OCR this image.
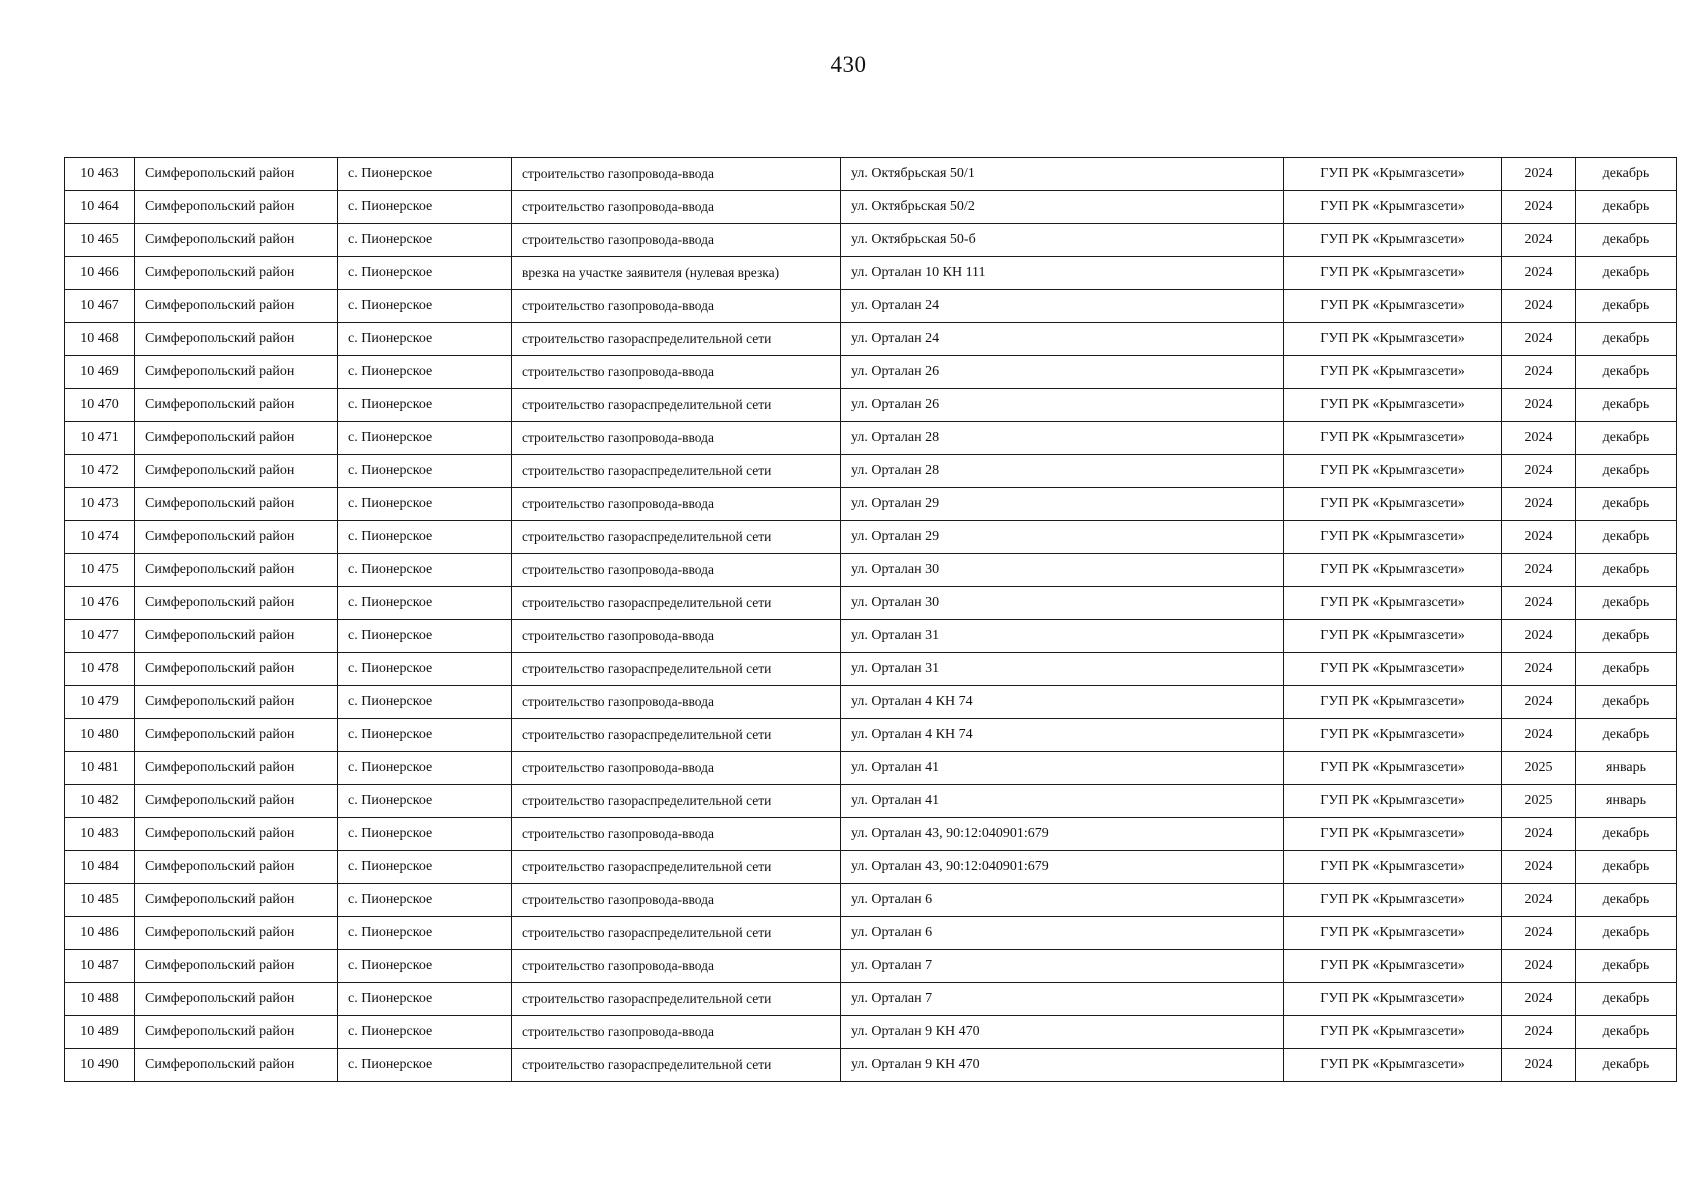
430
10 463	Симферопольский район	с. Пионерское	строительство газопровода-ввода	ул. Октябрьская 50/1	ГУП РК «Крымгазсети»	2024	декабрь
10 464	Симферопольский район	с. Пионерское	строительство газопровода-ввода	ул. Октябрьская 50/2	ГУП РК «Крымгазсети»	2024	декабрь
10 465	Симферопольский район	с. Пионерское	строительство газопровода-ввода	ул. Октябрьская 50-б	ГУП РК «Крымгазсети»	2024	декабрь
10 466	Симферопольский район	с. Пионерское	врезка на участке заявителя (нулевая врезка)	ул. Орталан 10 КН 111	ГУП РК «Крымгазсети»	2024	декабрь
10 467	Симферопольский район	с. Пионерское	строительство газопровода-ввода	ул. Орталан 24	ГУП РК «Крымгазсети»	2024	декабрь
10 468	Симферопольский район	с. Пионерское	строительство газораспределительной сети	ул. Орталан 24	ГУП РК «Крымгазсети»	2024	декабрь
10 469	Симферопольский район	с. Пионерское	строительство газопровода-ввода	ул. Орталан 26	ГУП РК «Крымгазсети»	2024	декабрь
10 470	Симферопольский район	с. Пионерское	строительство газораспределительной сети	ул. Орталан 26	ГУП РК «Крымгазсети»	2024	декабрь
10 471	Симферопольский район	с. Пионерское	строительство газопровода-ввода	ул. Орталан 28	ГУП РК «Крымгазсети»	2024	декабрь
10 472	Симферопольский район	с. Пионерское	строительство газораспределительной сети	ул. Орталан 28	ГУП РК «Крымгазсети»	2024	декабрь
10 473	Симферопольский район	с. Пионерское	строительство газопровода-ввода	ул. Орталан 29	ГУП РК «Крымгазсети»	2024	декабрь
10 474	Симферопольский район	с. Пионерское	строительство газораспределительной сети	ул. Орталан 29	ГУП РК «Крымгазсети»	2024	декабрь
10 475	Симферопольский район	с. Пионерское	строительство газопровода-ввода	ул. Орталан 30	ГУП РК «Крымгазсети»	2024	декабрь
10 476	Симферопольский район	с. Пионерское	строительство газораспределительной сети	ул. Орталан 30	ГУП РК «Крымгазсети»	2024	декабрь
10 477	Симферопольский район	с. Пионерское	строительство газопровода-ввода	ул. Орталан 31	ГУП РК «Крымгазсети»	2024	декабрь
10 478	Симферопольский район	с. Пионерское	строительство газораспределительной сети	ул. Орталан 31	ГУП РК «Крымгазсети»	2024	декабрь
10 479	Симферопольский район	с. Пионерское	строительство газопровода-ввода	ул. Орталан 4 КН 74	ГУП РК «Крымгазсети»	2024	декабрь
10 480	Симферопольский район	с. Пионерское	строительство газораспределительной сети	ул. Орталан 4 КН 74	ГУП РК «Крымгазсети»	2024	декабрь
10 481	Симферопольский район	с. Пионерское	строительство газопровода-ввода	ул. Орталан 41	ГУП РК «Крымгазсети»	2025	январь
10 482	Симферопольский район	с. Пионерское	строительство газораспределительной сети	ул. Орталан 41	ГУП РК «Крымгазсети»	2025	январь
10 483	Симферопольский район	с. Пионерское	строительство газопровода-ввода	ул. Орталан 43, 90:12:040901:679	ГУП РК «Крымгазсети»	2024	декабрь
10 484	Симферопольский район	с. Пионерское	строительство газораспределительной сети	ул. Орталан 43, 90:12:040901:679	ГУП РК «Крымгазсети»	2024	декабрь
10 485	Симферопольский район	с. Пионерское	строительство газопровода-ввода	ул. Орталан 6	ГУП РК «Крымгазсети»	2024	декабрь
10 486	Симферопольский район	с. Пионерское	строительство газораспределительной сети	ул. Орталан 6	ГУП РК «Крымгазсети»	2024	декабрь
10 487	Симферопольский район	с. Пионерское	строительство газопровода-ввода	ул. Орталан 7	ГУП РК «Крымгазсети»	2024	декабрь
10 488	Симферопольский район	с. Пионерское	строительство газораспределительной сети	ул. Орталан 7	ГУП РК «Крымгазсети»	2024	декабрь
10 489	Симферопольский район	с. Пионерское	строительство газопровода-ввода	ул. Орталан 9 КН 470	ГУП РК «Крымгазсети»	2024	декабрь
10 490	Симферопольский район	с. Пионерское	строительство газораспределительной сети	ул. Орталан 9 КН 470	ГУП РК «Крымгазсети»	2024	декабрь
